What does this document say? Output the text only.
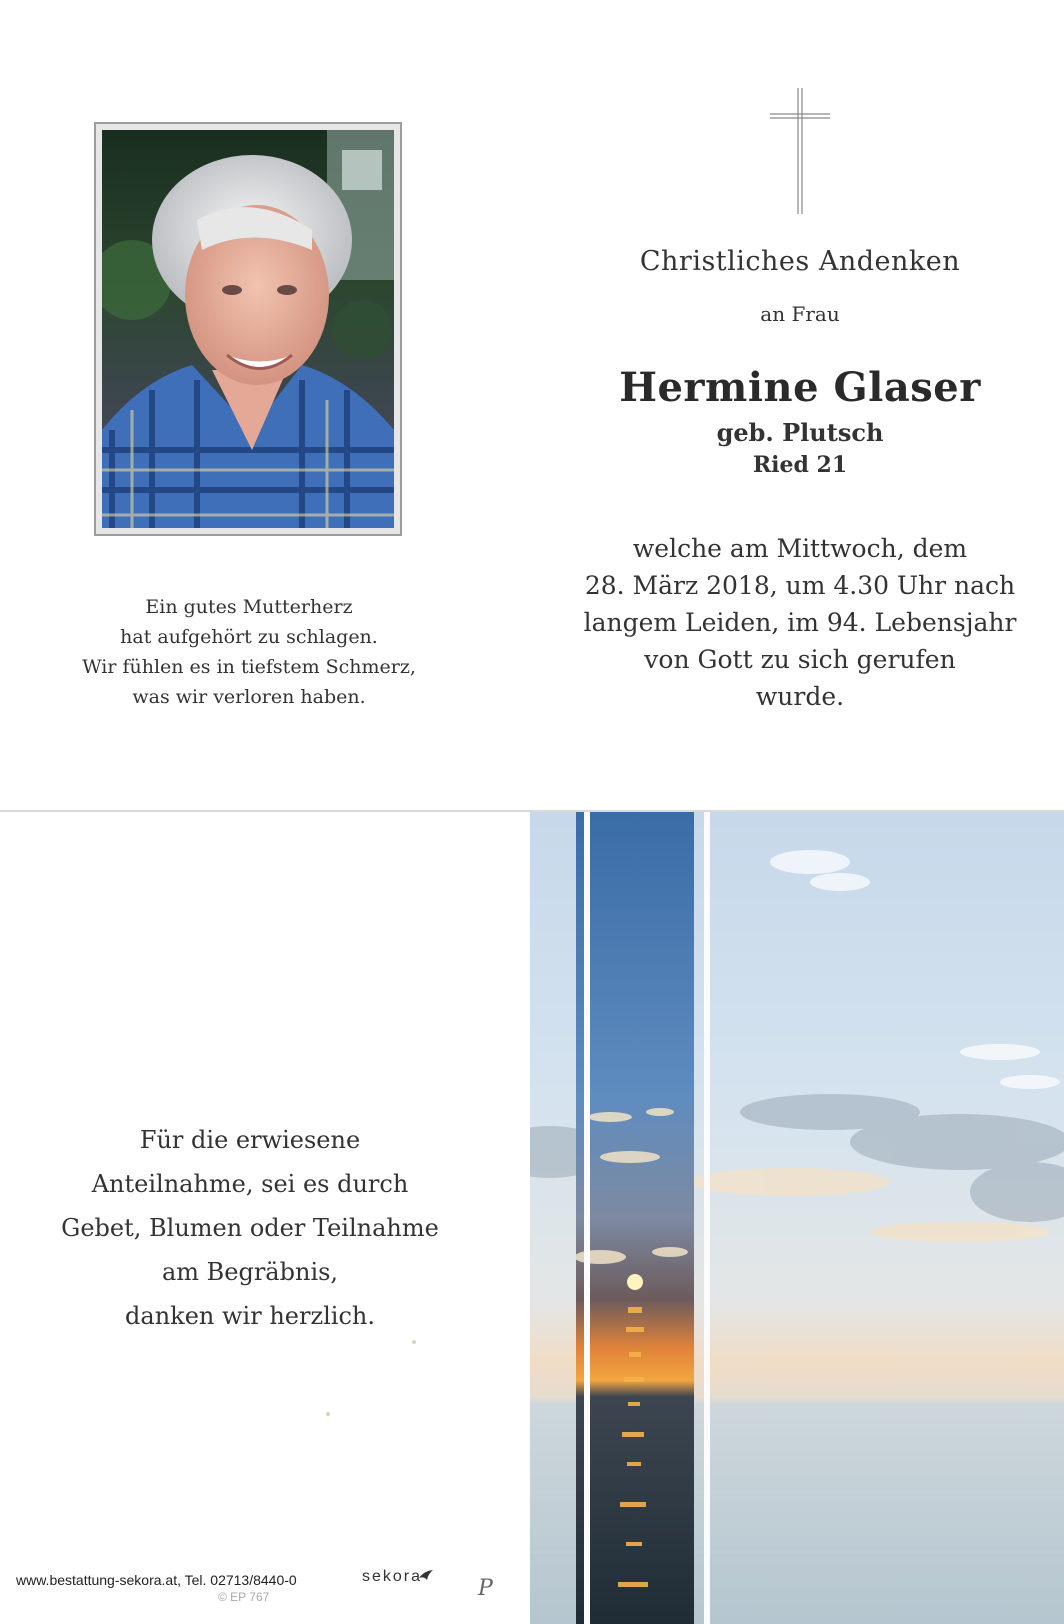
Ein gutes Mutterherz
hat aufgehört zu schlagen.
Wir fühlen es in tiefstem Schmerz,
was wir verloren haben.
Christliches Andenken
an Frau
Hermine Glaser
geb. Plutsch
Ried 21
welche am Mittwoch, dem
28. März 2018, um 4.30 Uhr nach
langem Leiden, im 94. Lebensjahr
von Gott zu sich gerufen
wurde.
Für die erwiesene
Anteilnahme, sei es durch
Gebet, Blumen oder Teilnahme
am Begräbnis,
danken wir herzlich.
www.bestattung-sekora.at, Tel. 02713/8440-0
© EP 767
sekora	P
